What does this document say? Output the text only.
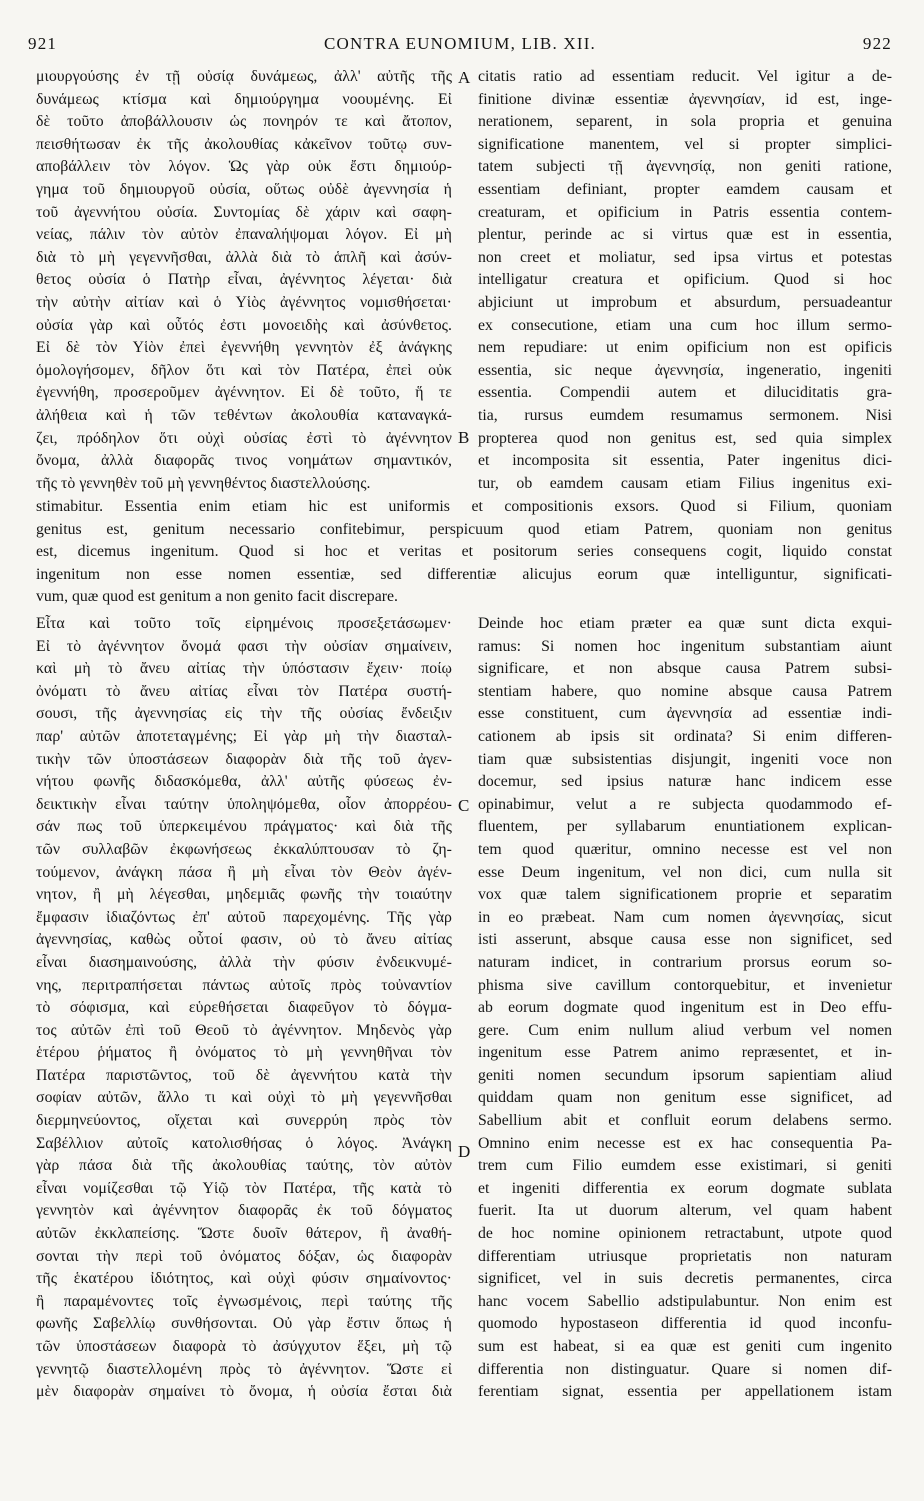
921	CONTRA EUNOMIUM, LIB. XII.	922
μιουργούσης ἐν τῇ οὐσίᾳ δυνάμεως, ἀλλ' αὐτῆς τῆς
δυνάμεως κτίσμα καὶ δημιούργημα νοουμένης. Εἰ
δὲ τοῦτο ἀποβάλλουσιν ὡς πονηρόν τε καὶ ἄτοπον,
πεισθήτωσαν ἐκ τῆς ἀκολουθίας κἀκεῖνον τοῦτῳ συν-
αποβάλλειν τὸν λόγον. Ὡς γὰρ οὐκ ἔστι δημιούρ-
γημα τοῦ δημιουργοῦ οὐσία, οὕτως οὐδὲ ἀγεννησία ἡ
τοῦ ἀγεννήτου οὐσία. Συντομίας δὲ χάριν καὶ σαφη-
νείας, πάλιν τὸν αὐτὸν ἐπαναλήψομαι λόγον. Εἰ μὴ
διὰ τὸ μὴ γεγεννῆσθαι, ἀλλὰ διὰ τὸ ἁπλῆ καὶ ἀσύν-
θετος οὐσία ὁ Πατὴρ εἶναι, ἀγέννητος λέγεται· διὰ
τὴν αὐτὴν αἰτίαν καὶ ὁ Υἱὸς ἀγέννητος νομισθήσεται·
οὐσία γὰρ καὶ οὗτός ἐστι μονοειδὴς καὶ ἀσύνθετος.
Εἰ δὲ τὸν Υἱὸν ἐπεὶ ἐγεννήθη γεννητὸν ἐξ ἀνάγκης
ὁμολογήσομεν, δῆλον ὅτι καὶ τὸν Πατέρα, ἐπεὶ οὐκ
ἐγεννήθη, προσεροῦμεν ἀγέννητον. Εἰ δὲ τοῦτο, ἥ τε
ἀλήθεια καὶ ἡ τῶν τεθέντων ἀκολουθία καταναγκά-
ζει, πρόδηλον ὅτι οὐχὶ οὐσίας ἐστὶ τὸ ἀγέννητον
ὄνομα, ἀλλὰ διαφορᾶς τινος νοημάτων σημαντικόν,
τῆς τὸ γεννηθὲν τοῦ μὴ γεννηθέντος διαστελλούσης.
citatis ratio ad essentiam reducit. Vel igitur a de-
finitione divinæ essentiæ ἀγεννησίαν, id est, inge-
nerationem, separent, in sola propria et genuina
significatione manentem, vel si propter simplici-
tatem subjecti τῇ ἀγεννησίᾳ, non geniti ratione,
essentiam definiant, propter eamdem causam et
creaturam, et opificium in Patris essentia contem-
plentur, perinde ac si virtus quæ est in essentia,
non creet et moliatur, sed ipsa virtus et potestas
intelligatur creatura et opificium. Quod si hoc
abjiciunt ut improbum et absurdum, persuadeantur
ex consecutione, etiam una cum hoc illum sermo-
nem repudiare: ut enim opificium non est opificis
essentia, sic neque ἀγεννησία, ingeneratio, ingeniti
essentia. Compendii autem et diluciditatis gra-
tia, rursus eumdem resumamus sermonem. Nisi
propterea quod non genitus est, sed quia simplex
et incomposita sit essentia, Pater ingenitus dici-
tur, ob eamdem causam etiam Filius ingenitus exi-
stimabitur. Essentia enim etiam hic est uniformis et compositionis exsors. Quod si Filium, quoniam
genitus est, genitum necessario confitebimur, perspicuum quod etiam Patrem, quoniam non genitus
est, dicemus ingenitum. Quod si hoc et veritas et positorum series consequens cogit, liquido constat
ingenitum non esse nomen essentiæ, sed differentiæ alicujus eorum quæ intelliguntur, significati-
vum, quæ quod est genitum a non genito facit discrepare.
Εἶτα καὶ τοῦτο τοῖς εἰρημένοις προσεξετάσωμεν·
Εἰ τὸ ἀγέννητον ὄνομά φασι τὴν οὐσίαν σημαίνειν,
καὶ μὴ τὸ ἄνευ αἰτίας τὴν ὑπόστασιν ἔχειν· ποίῳ
ὀνόματι τὸ ἄνευ αἰτίας εἶναι τὸν Πατέρα συστή-
σουσι, τῆς ἀγεννησίας εἰς τὴν τῆς οὐσίας ἔνδειξιν
παρ' αὐτῶν ἀποτεταγμένης; Εἰ γὰρ μὴ τὴν διασταλ-
τικὴν τῶν ὑποστάσεων διαφορὰν διὰ τῆς τοῦ ἀγεν-
νήτου φωνῆς διδασκόμεθα, ἀλλ' αὐτῆς φύσεως ἐν-
δεικτικὴν εἶναι ταύτην ὑποληψόμεθα, οἷον ἀπορρέου-
σάν πως τοῦ ὑπερκειμένου πράγματος· καὶ διὰ τῆς
τῶν συλλαβῶν ἐκφωνήσεως ἐκκαλύπτουσαν τὸ ζη-
τούμενον, ἀνάγκη πάσα ἢ μὴ εἶναι τὸν Θεὸν ἀγέν-
νητον, ἢ μὴ λέγεσθαι, μηδεμιᾶς φωνῆς τὴν τοιαύτην
ἔμφασιν ἰδιαζόντως ἐπ' αὐτοῦ παρεχομένης. Τῆς γὰρ
ἀγεννησίας, καθὼς οὗτοί φασιν, οὐ τὸ ἄνευ αἰτίας
εἶναι διασημαινούσης, ἀλλὰ τὴν φύσιν ἐνδεικνυμέ-
νης, περιτραπήσεται πάντως αὐτοῖς πρὸς τοὐναντίον
τὸ σόφισμα, καὶ εὑρεθήσεται διαφεῦγον τὸ δόγμα-
τος αὐτῶν ἐπὶ τοῦ Θεοῦ τὸ ἀγέννητον. Μηδενὸς γὰρ
ἑτέρου ῥήματος ἢ ὀνόματος τὸ μὴ γεννηθῆναι τὸν
Πατέρα παριστῶντος, τοῦ δὲ ἀγεννήτου κατὰ τὴν
σοφίαν αὐτῶν, ἄλλο τι καὶ οὐχὶ τὸ μὴ γεγεννῆσθαι
διερμηνεύοντος, οἴχεται καὶ συνερρύη πρὸς τὸν
Σαβέλλιον αὐτοῖς κατολισθήσας ὁ λόγος. Ἀνάγκη
γὰρ πάσα διὰ τῆς ἀκολουθίας ταύτης, τὸν αὐτὸν
εἶναι νομίζεσθαι τῷ Υἱῷ τὸν Πατέρα, τῆς κατὰ τὸ
γεννητὸν καὶ ἀγέννητον διαφορᾶς ἐκ τοῦ δόγματος
αὐτῶν ἐκκλαπείσης. Ὥστε δυοῖν θάτερον, ἢ ἀναθή-
σονται τὴν περὶ τοῦ ὀνόματος δόξαν, ὡς διαφορὰν
τῆς ἑκατέρου ἰδιότητος, καὶ οὐχὶ φύσιν σημαίνοντος·
ἢ παραμένοντες τοῖς ἐγνωσμένοις, περὶ ταύτης τῆς
φωνῆς Σαβελλίῳ συνθήσονται. Οὐ γὰρ ἔστιν ὅπως ἡ
τῶν ὑποστάσεων διαφορὰ τὸ ἀσύγχυτον ἕξει, μὴ τῷ
γεννητῷ διαστελλομένη πρὸς τὸ ἀγέννητον. Ὥστε εἰ
μὲν διαφορὰν σημαίνει τὸ ὄνομα, ἡ οὐσία ἔσται διὰ
Deinde hoc etiam præter ea quæ sunt dicta exqui-
ramus: Si nomen hoc ingenitum substantiam aiunt
significare, et non absque causa Patrem subsi-
stentiam habere, quo nomine absque causa Patrem
esse constituent, cum ἀγεννησία ad essentiæ indi-
cationem ab ipsis sit ordinata? Si enim differen-
tiam quæ subsistentias disjungit, ingeniti voce non
docemur, sed ipsius naturæ hanc indicem esse
opinabimur, velut a re subjecta quodammodo ef-
fluentem, per syllabarum enuntiationem explican-
tem quod quæritur, omnino necesse est vel non
esse Deum ingenitum, vel non dici, cum nulla sit
vox quæ talem significationem proprie et separatim
in eo præbeat. Nam cum nomen ἀγεννησίας, sicut
isti asserunt, absque causa esse non significet, sed
naturam indicet, in contrarium prorsus eorum so-
phisma sive cavillum contorquebitur, et invenietur
ab eorum dogmate quod ingenitum est in Deo effu-
gere. Cum enim nullum aliud verbum vel nomen
ingenitum esse Patrem animo repræsentet, et in-
geniti nomen secundum ipsorum sapientiam aliud
quiddam quam non genitum esse significet, ad
Sabellium abit et confluit eorum delabens sermo.
Omnino enim necesse est ex hac consequentia Pa-
trem cum Filio eumdem esse existimari, si geniti
et ingeniti differentia ex eorum dogmate sublata
fuerit. Ita ut duorum alterum, vel quam habent
de hoc nomine opinionem retractabunt, utpote quod
differentiam utriusque proprietatis non naturam
significet, vel in suis decretis permanentes, circa
hanc vocem Sabellio adstipulabuntur. Non enim est
quomodo hypostaseon differentia id quod inconfu-
sum est habeat, si ea quæ est geniti cum ingenito
differentia non distinguatur. Quare si nomen dif-
ferentiam signat, essentia per appellationem istam
A
B
C
D
